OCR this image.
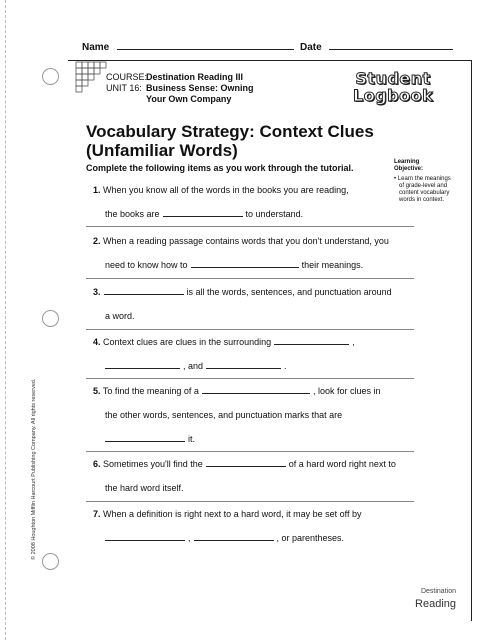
Name	Date
COURSE:Destination Reading III
UNIT 16: Business Sense: Owning
Your Own Company
Student
Logbook
Vocabulary Strategy: Context Clues
(Unfamiliar Words)
Complete the following items as you work through the tutorial.
Learning
Objective:
• Learn the meanings
of grade-level and
content vocabulary
words in context.
1. When you know all of the words in the books you are reading,
the books are	to understand.
2. When a reading passage contains words that you don't understand, you
need to know how to	their meanings.
3.	is all the words, sentences, and punctuation around
a word.
4. Context clues are clues in the surrounding	,
, and	.
5. To find the meaning of a	, look for clues in
the other words, sentences, and punctuation marks that are
it.
6. Sometimes you'll find the	of a hard word right next to
the hard word itself.
7. When a definition is right next to a hard word, it may be set off by
,	, or parentheses.
© 2008 Houghton Mifflin Harcourt Publishing Company. All rights reserved.
Destination
Reading
